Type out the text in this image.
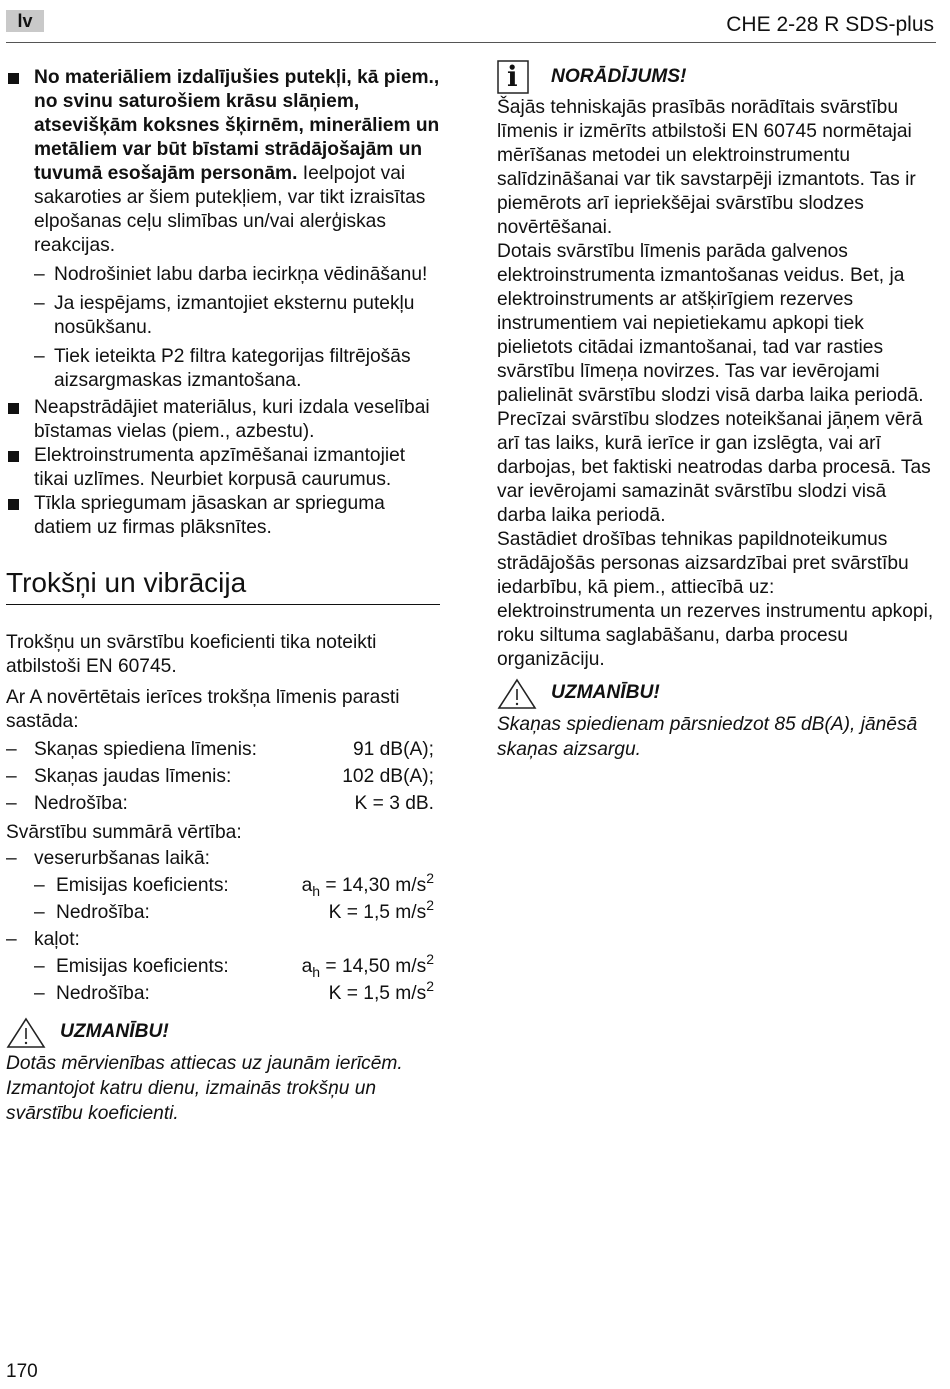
lv	CHE 2-28 R SDS-plus
No materiāliem izdalījušies putekļi, kā piem., no svinu saturošiem krāsu slāņiem, atsevišķām koksnes šķirnēm, minerāliem un metāliem var būt bīstami strādājošajām un tuvumā esošajām personām. Ieelpojot vai sakaroties ar šiem putekļiem, var tikt izraisītas elpošanas ceļu slimības un/vai alerģiskas reakcijas.
– Nodrošiniet labu darba iecirkņa vēdināšanu!
– Ja iespējams, izmantojiet eksternu putekļu nosūkšanu.
– Tiek ieteikta P2 filtra kategorijas filtrējošās aizsargmaskas izmantošana.
Neapstrādājiet materiālus, kuri izdala veselībai bīstamas vielas (piem., azbestu).
Elektroinstrumenta apzīmēšanai izmantojiet tikai uzlīmes. Neurbiet korpusā caurumus.
Tīkla spriegumam jāsaskan ar sprieguma datiem uz firmas plāksnītes.
Trokšņi un vibrācija
Trokšņu un svārstību koeficienti tika noteikti atbilstoši EN 60745.
Ar A novērtētais ierīces trokšņa līmenis parasti sastāda:
– Skaņas spiediena līmenis:	91 dB(A);
– Skaņas jaudas līmenis:	102 dB(A);
– Nedrošība:	K = 3 dB.
Svārstību summārā vērtība:
– veserurbšanas laikā:
– Emisijas koeficients:	$a_h = 14,30$ $m/s^2$
– Nedrošība:	K = 1,5 $m/s^2$
– kaļot:
– Emisijas koeficients:	$a_h = 14,50$ $m/s^2$
– Nedrošība:	K = 1,5 $m/s^2$
UZMANĪBU!
Dotās mērvienības attiecas uz jaunām ierīcēm. Izmantojot katru dienu, izmainās trokšņu un svārstību koeficienti.
i NORĀDĪJUMS!
Šajās tehniskajās prasībās norādītais svārstību līmenis ir izmērīts atbilstoši EN 60745 normētajai mērīšanas metodei un elektroinstrumentu salīdzināšanai var tik savstarpēji izmantots. Tas ir piemērots arī iepriekšējai svārstību slodzes novērtēšanai.
Dotais svārstību līmenis parāda galvenos elektroinstrumenta izmantošanas veidus. Bet, ja elektroinstruments ar atšķirīgiem rezerves instrumentiem vai nepietiekamu apkopi tiek pielietots citādai izmantošanai, tad var rasties svārstību līmeņa novirzes. Tas var ievērojami palielināt svārstību slodzi visā darba laika periodā.
Precīzai svārstību slodzes noteikšanai jāņem vērā arī tas laiks, kurā ierīce ir gan izslēgta, vai arī darbojas, bet faktiski neatrodas darba procesā. Tas var ievērojami samazināt svārstību slodzi visā darba laika periodā.
Sastādiet drošības tehnikas papildnoteikumus strādājošās personas aizsardzībai pret svārstību iedarbību, kā piem., attiecībā uz: elektroinstrumenta un rezerves instrumentu apkopi, roku siltuma saglabāšanu, darba procesu organizāciju.
UZMANĪBU!
Skaņas spiedienam pārsniedzot 85 dB(A), jānēsā skaņas aizsargu.
170
